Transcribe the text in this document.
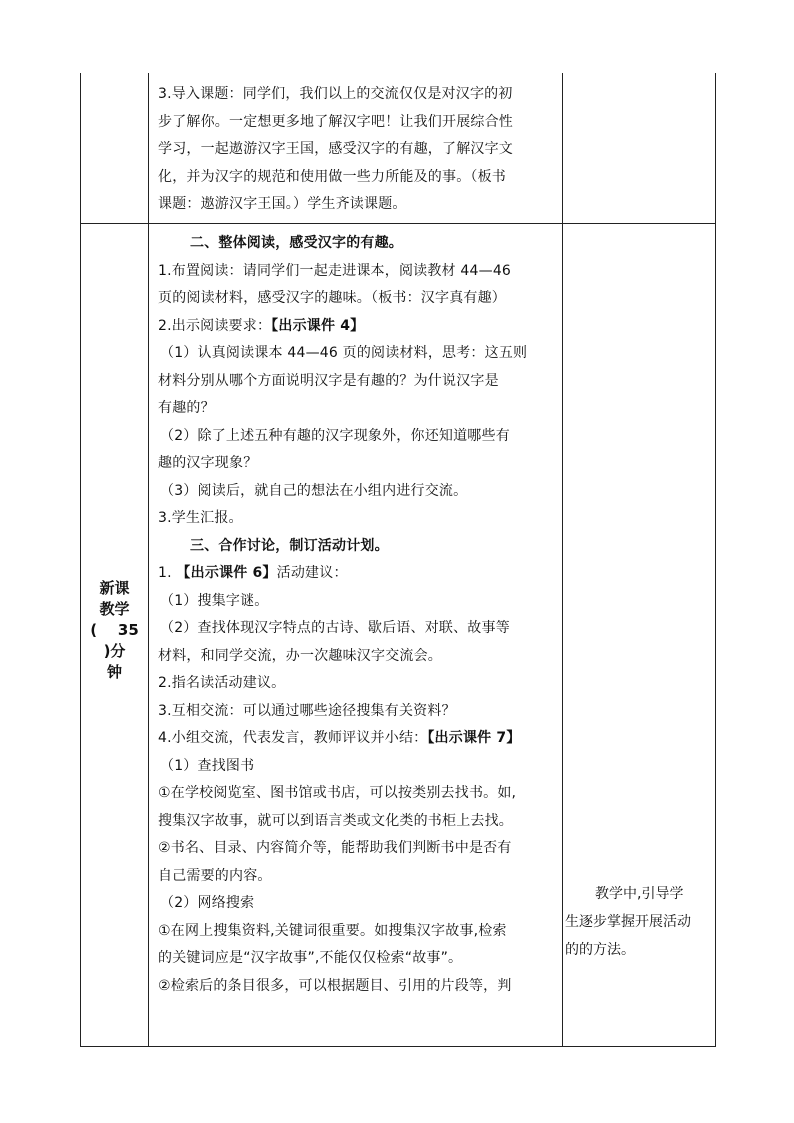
3.导入课题：同学们，我们以上的交流仅仅是对汉字的初
步了解你。一定想更多地了解汉字吧！让我们开展综合性
学习，一起遨游汉字王国，感受汉字的有趣，了解汉字文
化，并为汉字的规范和使用做一些力所能及的事。（板书
课题：遨游汉字王国。）学生齐读课题。
二、整体阅读，感受汉字的有趣。
1.布置阅读：请同学们一起走进课本，阅读教材 44—46
页的阅读材料，感受汉字的趣味。（板书：汉字真有趣）
2.出示阅读要求：【出示课件 4】
（1）认真阅读课本 44—46 页的阅读材料，思考：这五则
材料分别从哪个方面说明汉字是有趣的？为什说汉字是
有趣的？
（2）除了上述五种有趣的汉字现象外，你还知道哪些有
趣的汉字现象？
（3）阅读后，就自己的想法在小组内进行交流。
3.学生汇报。
三、合作讨论，制订活动计划。
1. 【出示课件 6】活动建议：
（1）搜集字谜。
（2）查找体现汉字特点的古诗、歇后语、对联、故事等
材料，和同学交流，办一次趣味汉字交流会。
2.指名读活动建议。
3.互相交流：可以通过哪些途径搜集有关资料？
4.小组交流，代表发言，教师评议并小结：【出示课件 7】
（1）查找图书
①在学校阅览室、图书馆或书店，可以按类别去找书。如,
搜集汉字故事，就可以到语言类或文化类的书柜上去找。
②书名、目录、内容简介等，能帮助我们判断书中是否有
自己需要的内容。
（2）网络搜索
①在网上搜集资料,关键词很重要。如搜集汉字故事,检索
的关键词应是“汉字故事”,不能仅仅检索“故事”。
②检索后的条目很多，可以根据题目、引用的片段等，判
新课
教学
(    35
)分
钟
教学中,引导学
生逐步掌握开展活动
的的方法。
